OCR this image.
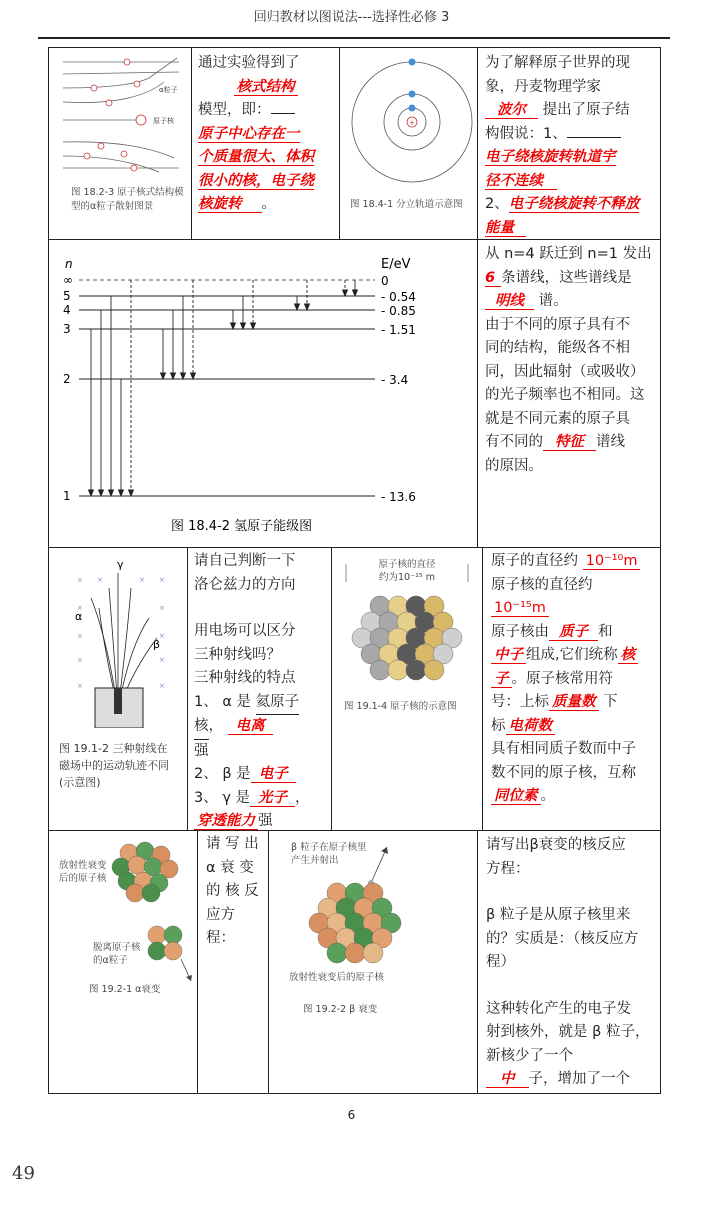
回归教材以图说法---选择性必修 3
α粒子
原子核
图 18.2-3 原子核式结构模
型的α粒子散射图景
通过实验得到了
核式结构
模型，即：
原子中心存在一
个质量很大、体积
很小的核，电子绕
核旋转 。
+
图 18.4-1 分立轨道示意图
为了解释原子世界的现
象，丹麦物理学家
波尔 提出了原子结
构假说：1、
电子绕核旋转轨道宇
径不连续
2、电子绕核旋转不释放
能量
n	E/eV
∞	0
5	- 0.54
4	- 0.85
3	- 1.51
2	- 3.4
1	- 13.6
图 18.4-2 氢原子能级图
从 n=4 跃迁到 n=1 发出
6 条谱线，这些谱线是
明线 谱。
由于不同的原子具有不
同的结构，能级各不相
同，因此辐射（或吸收）
的光子频率也不相同。这
就是不同元素的原子具
有不同的 特征 谱线
的原因。
× ×	× ×
×	×
×	×
×	×
×	×
γ
α
β
图 19.1-2 三种射线在
磁场中的运动轨迹不同
(示意图)
请自己判断一下
洛仑兹力的方向
用电场可以区分
三种射线吗？
三种射线的特点
1、 α 是 氦原子
核， 电离
强
2、 β 是 电子
3、 γ 是 光子 ，
穿透能力 强
原子核的直径
约为10⁻¹⁵ m
图 19.1-4 原子核的示意图
原子的直径约 10⁻¹⁰m
原子核的直径约 10⁻¹⁵m
原子核由 质子 和
中子 组成,它们统称 核
子 。原子核常用符
号：上标 质量数 下
标 电荷数
具有相同质子数而中子
数不同的原子核，互称
同位素 。
放射性衰变
后的原子核
脱离原子核
的α粒子
图 19.2-1 α衰变
请 写 出
α 衰 变
的 核 反
应方程：
β 粒子在原子核里
产生并射出
放射性衰变后的原子核
图 19.2-2 β 衰变
请写出β衰变的核反应
方程：
β 粒子是从原子核里来
的？实质是：（核反应方
程）
这种转化产生的电子发
射到核外，就是 β 粒子，
新核少了一个
中 子，增加了一个
6
49
